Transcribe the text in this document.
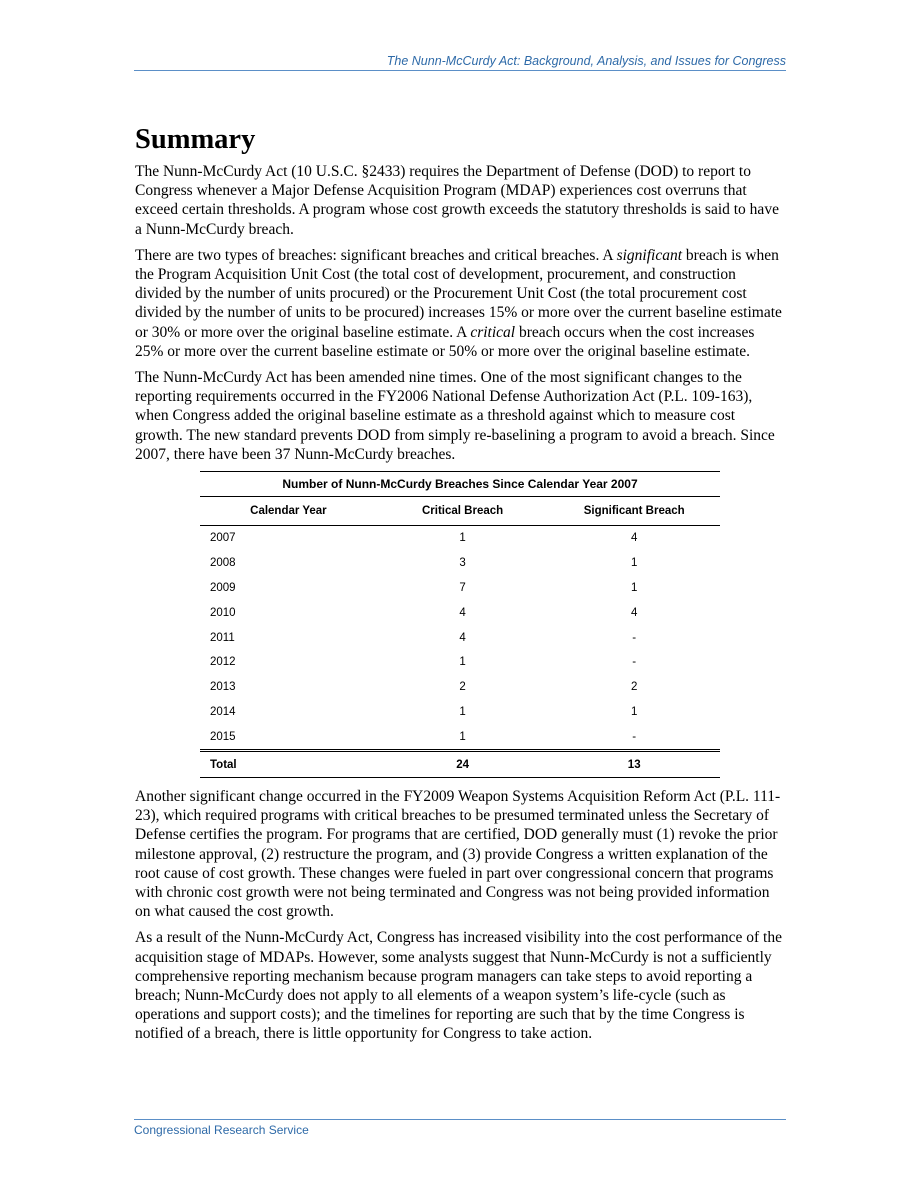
The Nunn-McCurdy Act: Background, Analysis, and Issues for Congress
Summary

The Nunn-McCurdy Act (10 U.S.C. §2433) requires the Department of Defense (DOD) to report to Congress whenever a Major Defense Acquisition Program (MDAP) experiences cost overruns that exceed certain thresholds. A program whose cost growth exceeds the statutory thresholds is said to have a Nunn-McCurdy breach.

There are two types of breaches: significant breaches and critical breaches. A significant breach is when the Program Acquisition Unit Cost (the total cost of development, procurement, and construction divided by the number of units procured) or the Procurement Unit Cost (the total procurement cost divided by the number of units to be procured) increases 15% or more over the current baseline estimate or 30% or more over the original baseline estimate. A critical breach occurs when the cost increases 25% or more over the current baseline estimate or 50% or more over the original baseline estimate.

The Nunn-McCurdy Act has been amended nine times. One of the most significant changes to the reporting requirements occurred in the FY2006 National Defense Authorization Act (P.L. 109-163), when Congress added the original baseline estimate as a threshold against which to measure cost growth. The new standard prevents DOD from simply re-baselining a program to avoid a breach. Since 2007, there have been 37 Nunn-McCurdy breaches.

Number of Nunn-McCurdy Breaches Since Calendar Year 2007
Calendar Year	Critical Breach	Significant Breach
2007	1	4
2008	3	1
2009	7	1
2010	4	4
2011	4	-
2012	1	-
2013	2	2
2014	1	1
2015	1	-
Total	24	13

Another significant change occurred in the FY2009 Weapon Systems Acquisition Reform Act (P.L. 111-23), which required programs with critical breaches to be presumed terminated unless the Secretary of Defense certifies the program. For programs that are certified, DOD generally must (1) revoke the prior milestone approval, (2) restructure the program, and (3) provide Congress a written explanation of the root cause of cost growth. These changes were fueled in part over congressional concern that programs with chronic cost growth were not being terminated and Congress was not being provided information on what caused the cost growth.

As a result of the Nunn-McCurdy Act, Congress has increased visibility into the cost performance of the acquisition stage of MDAPs. However, some analysts suggest that Nunn-McCurdy is not a sufficiently comprehensive reporting mechanism because program managers can take steps to avoid reporting a breach; Nunn-McCurdy does not apply to all elements of a weapon system’s life-cycle (such as operations and support costs); and the timelines for reporting are such that by the time Congress is notified of a breach, there is little opportunity for Congress to take action.

Congressional Research Service
